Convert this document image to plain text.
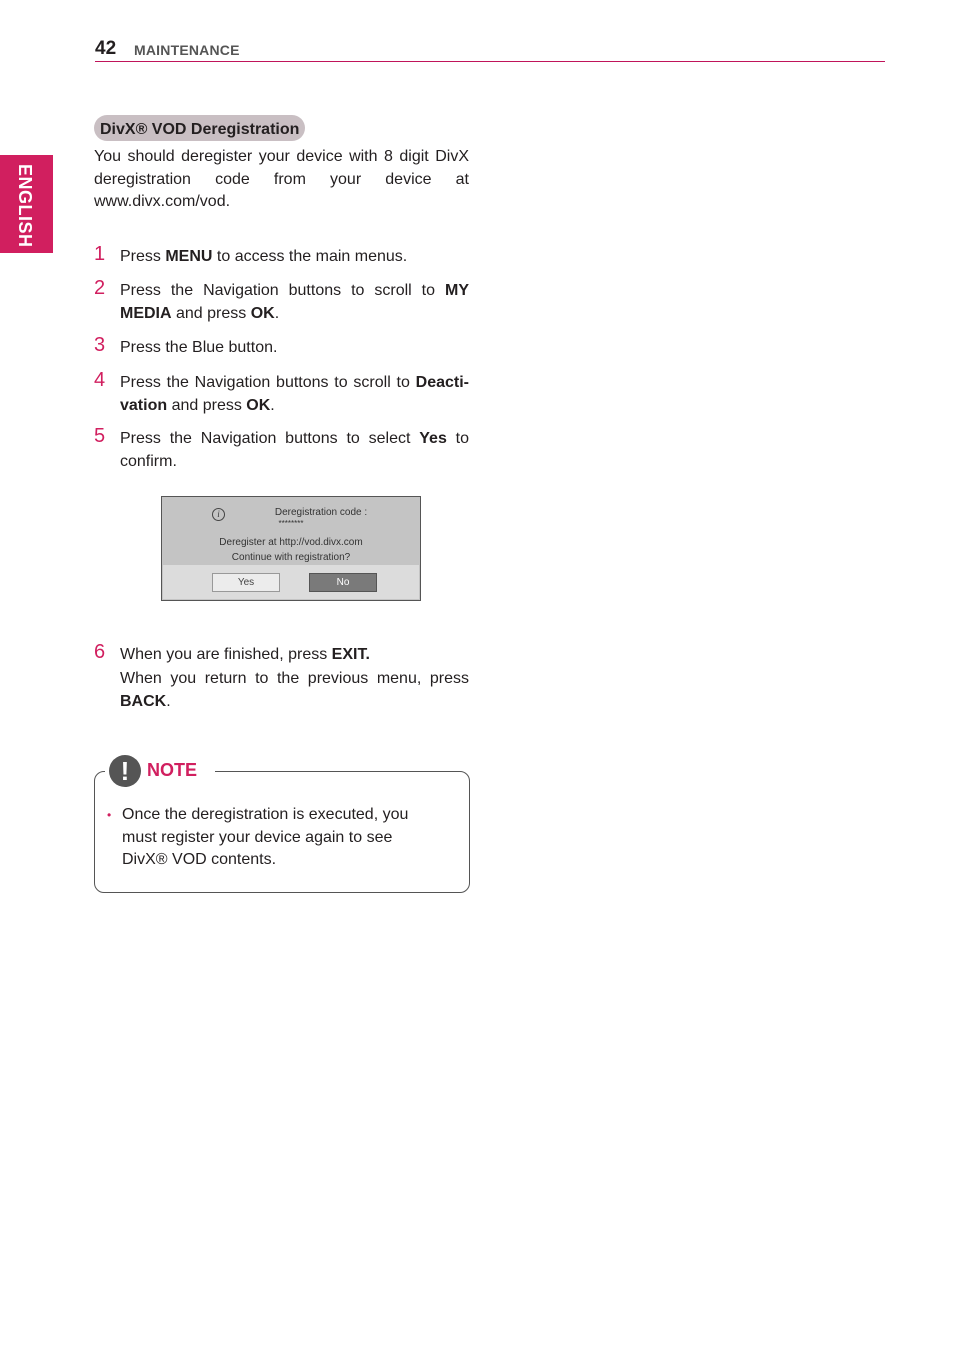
42 MAINTENANCE
ENGLISH
DivX® VOD Deregistration
You should deregister your device with 8 digit DivX deregistration code from your device at www.divx.com/vod.
1 Press MENU to access the main menus.
2 Press the Navigation buttons to scroll to MY MEDIA and press OK.
3 Press the Blue button.
4 Press the Navigation buttons to scroll to Deacti-vation and press OK.
5 Press the Navigation buttons to select Yes to confirm.
i	Deregistration code :
********
Deregister at http://vod.divx.com
Continue with registration?
Yes	No
6 When you are finished, press EXIT.
When you return to the previous menu, press BACK.
! NOTE
• Once the deregistration is executed, you must register your device again to see DivX® VOD contents.
